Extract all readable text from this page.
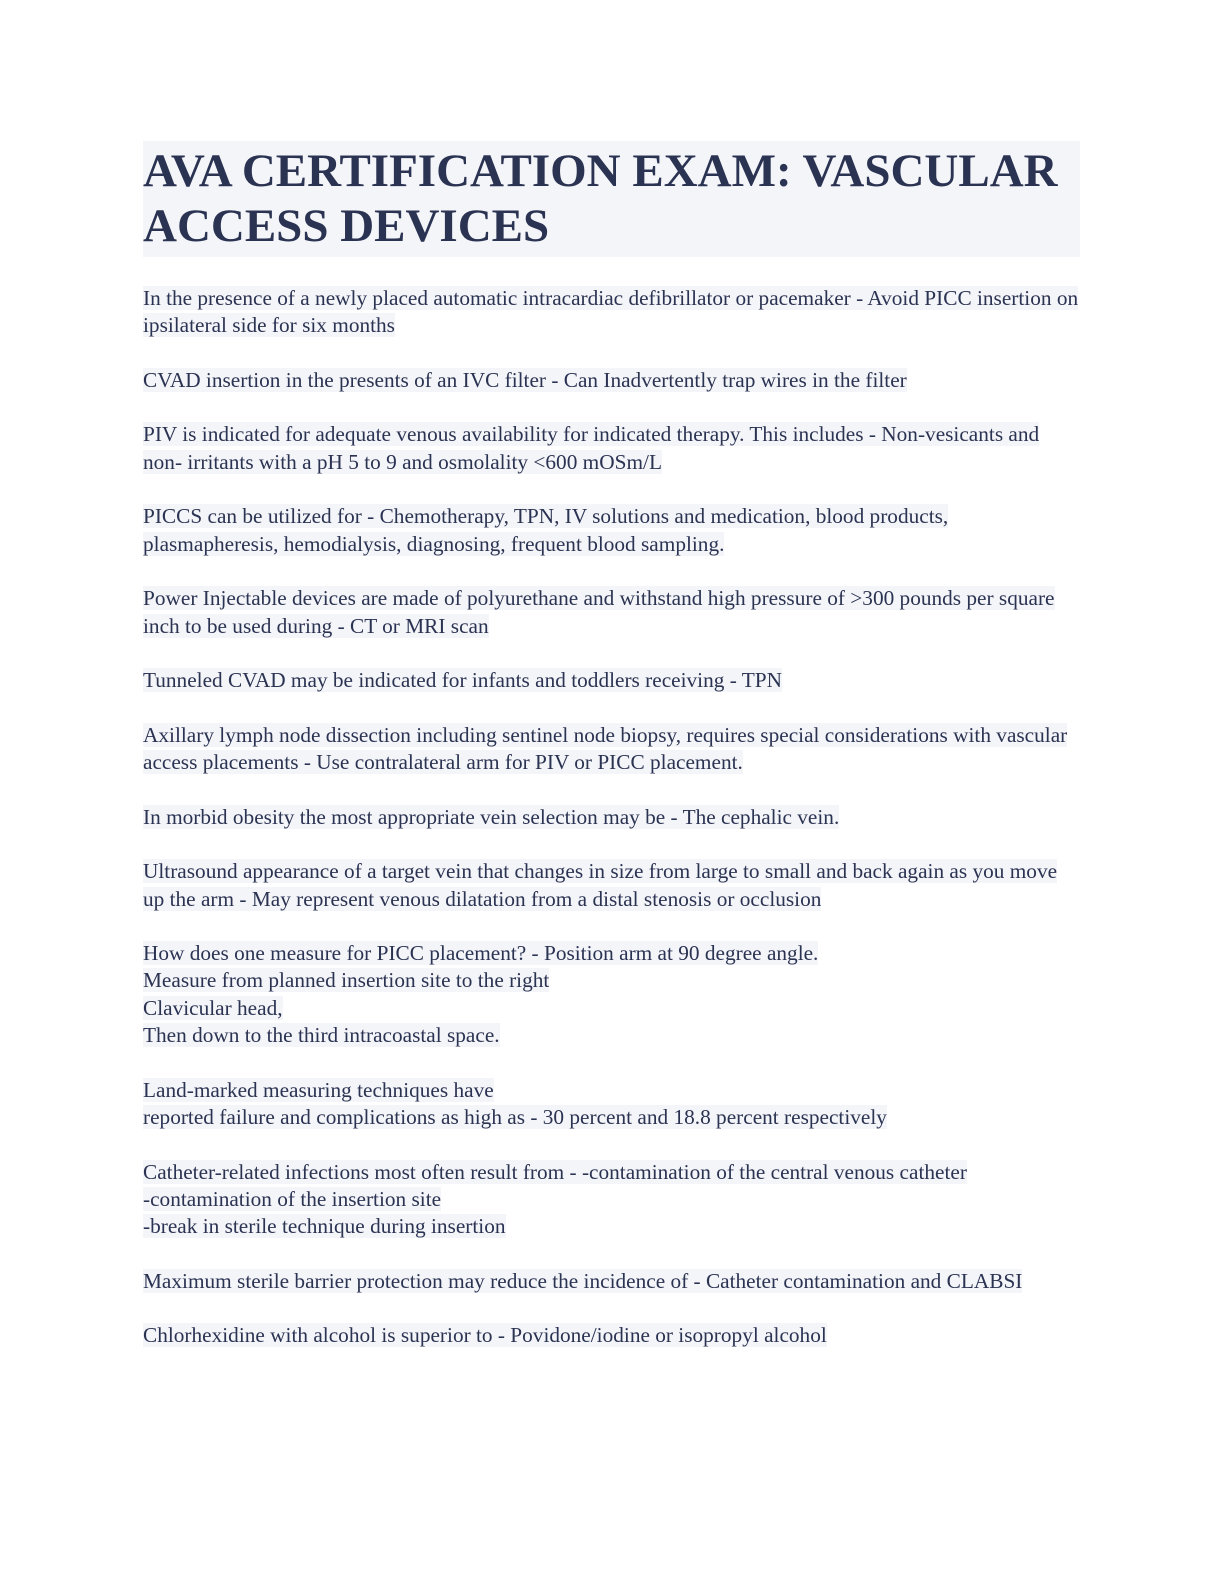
AVA CERTIFICATION EXAM: VASCULAR ACCESS DEVICES
In the presence of a newly placed automatic intracardiac defibrillator or pacemaker - Avoid PICC insertion on ipsilateral side for six months
CVAD insertion in the presents of an IVC filter - Can Inadvertently trap wires in the filter
PIV is indicated for adequate venous availability for indicated therapy. This includes - Non-vesicants and non- irritants with a pH 5 to 9 and osmolality <600 mOSm/L
PICCS can be utilized for - Chemotherapy, TPN, IV solutions and medication, blood products, plasmapheresis, hemodialysis, diagnosing, frequent blood sampling.
Power Injectable devices are made of polyurethane and withstand high pressure of >300 pounds per square inch to be used during - CT or MRI scan
Tunneled CVAD may be indicated for infants and toddlers receiving - TPN
Axillary lymph node dissection including sentinel node biopsy, requires special considerations with vascular access placements - Use contralateral arm for PIV or PICC placement.
In morbid obesity the most appropriate vein selection may be - The cephalic vein.
Ultrasound appearance of a target vein that changes in size from large to small and back again as you move up the arm - May represent venous dilatation from a distal stenosis or occlusion
How does one measure for PICC placement? - Position arm at 90 degree angle.
Measure from planned insertion site to the right
Clavicular head,
Then down to the third intracoastal space.
Land-marked measuring techniques have
reported failure and complications as high as - 30 percent and 18.8 percent respectively
Catheter-related infections most often result from - -contamination of the central venous catheter
-contamination of the insertion site
-break in sterile technique during insertion
Maximum sterile barrier protection may reduce the incidence of - Catheter contamination and CLABSI
Chlorhexidine with alcohol is superior to - Povidone/iodine or isopropyl alcohol
